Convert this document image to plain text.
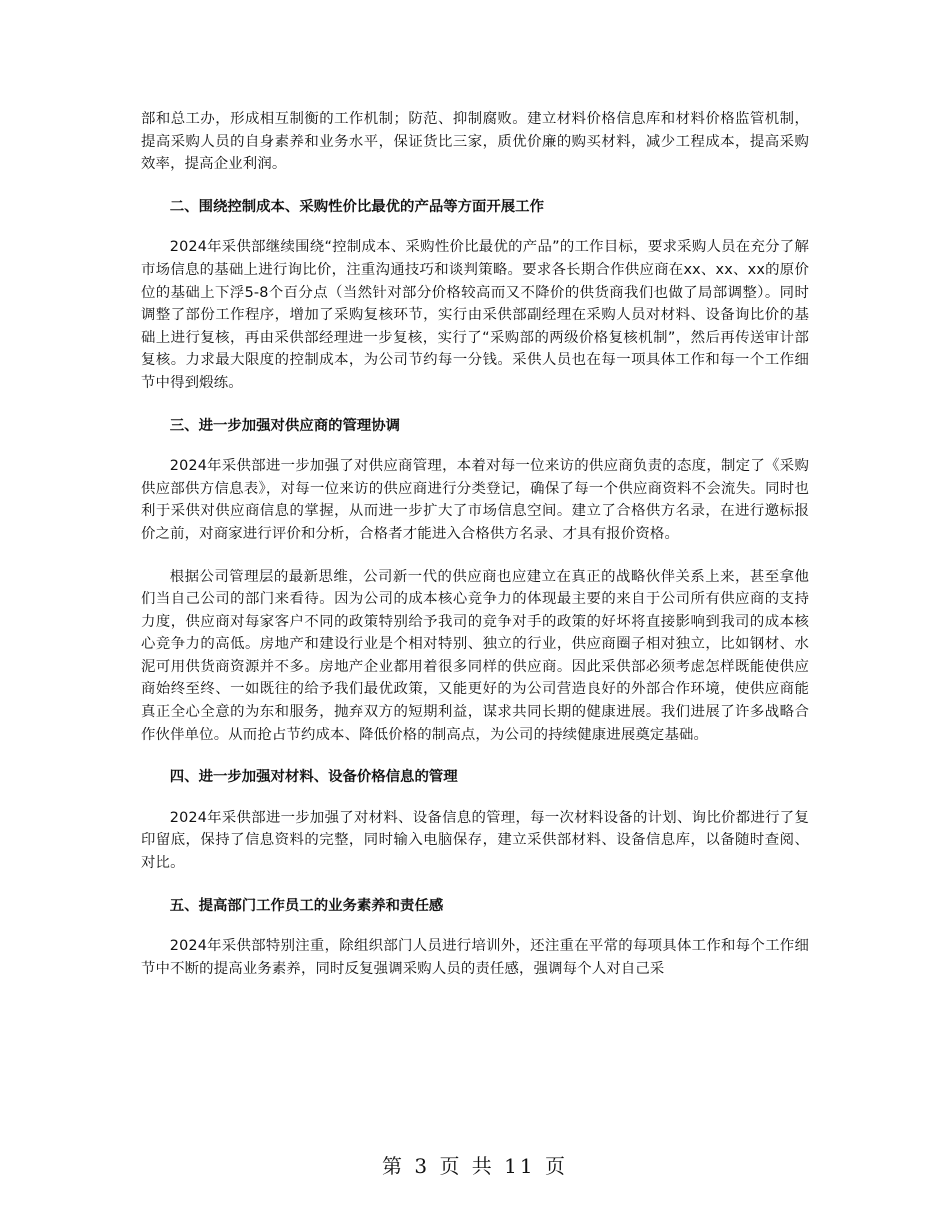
部和总工办，形成相互制衡的工作机制；防范、抑制腐败。建立材料价格信息库和材料价格监管机制，提高采购人员的自身素养和业务水平，保证货比三家，质优价廉的购买材料，减少工程成本，提高采购效率，提高企业利润。

二、围绕控制成本、采购性价比最优的产品等方面开展工作

2024年采供部继续围绕“控制成本、采购性价比最优的产品”的工作目标，要求采购人员在充分了解市场信息的基础上进行询比价，注重沟通技巧和谈判策略。要求各长期合作供应商在xx、xx、xx的原价位的基础上下浮5-8个百分点（当然针对部分价格较高而又不降价的供货商我们也做了局部调整）。同时调整了部份工作程序，增加了采购复核环节，实行由采供部副经理在采购人员对材料、设备询比价的基础上进行复核，再由采供部经理进一步复核，实行了“采购部的两级价格复核机制”，然后再传送审计部复核。力求最大限度的控制成本，为公司节约每一分钱。采供人员也在每一项具体工作和每一个工作细节中得到煅练。

三、进一步加强对供应商的管理协调

2024年采供部进一步加强了对供应商管理，本着对每一位来访的供应商负责的态度，制定了《采购供应部供方信息表》，对每一位来访的供应商进行分类登记，确保了每一个供应商资料不会流失。同时也利于采供对供应商信息的掌握，从而进一步扩大了市场信息空间。建立了合格供方名录，在进行邀标报价之前，对商家进行评价和分析，合格者才能进入合格供方名录、才具有报价资格。

根据公司管理层的最新思维，公司新一代的供应商也应建立在真正的战略伙伴关系上来，甚至拿他们当自己公司的部门来看待。因为公司的成本核心竞争力的体现最主要的来自于公司所有供应商的支持力度，供应商对每家客户不同的政策特别给予我司的竞争对手的政策的好坏将直接影响到我司的成本核心竞争力的高低。房地产和建设行业是个相对特别、独立的行业，供应商圈子相对独立，比如钢材、水泥可用供货商资源并不多。房地产企业都用着很多同样的供应商。因此采供部必须考虑怎样既能使供应商始终至终、一如既往的给予我们最优政策，又能更好的为公司营造良好的外部合作环境，使供应商能真正全心全意的为东和服务，抛弃双方的短期利益，谋求共同长期的健康进展。我们进展了许多战略合作伙伴单位。从而抢占节约成本、降低价格的制高点，为公司的持续健康进展奠定基础。

四、进一步加强对材料、设备价格信息的管理

2024年采供部进一步加强了对材料、设备信息的管理，每一次材料设备的计划、询比价都进行了复印留底，保持了信息资料的完整，同时输入电脑保存，建立采供部材料、设备信息库，以备随时查阅、对比。

五、提高部门工作员工的业务素养和责任感

2024年采供部特别注重，除组织部门人员进行培训外，还注重在平常的每项具体工作和每个工作细节中不断的提高业务素养，同时反复强调采购人员的责任感，强调每个人对自己采

第 3 页 共 11 页
